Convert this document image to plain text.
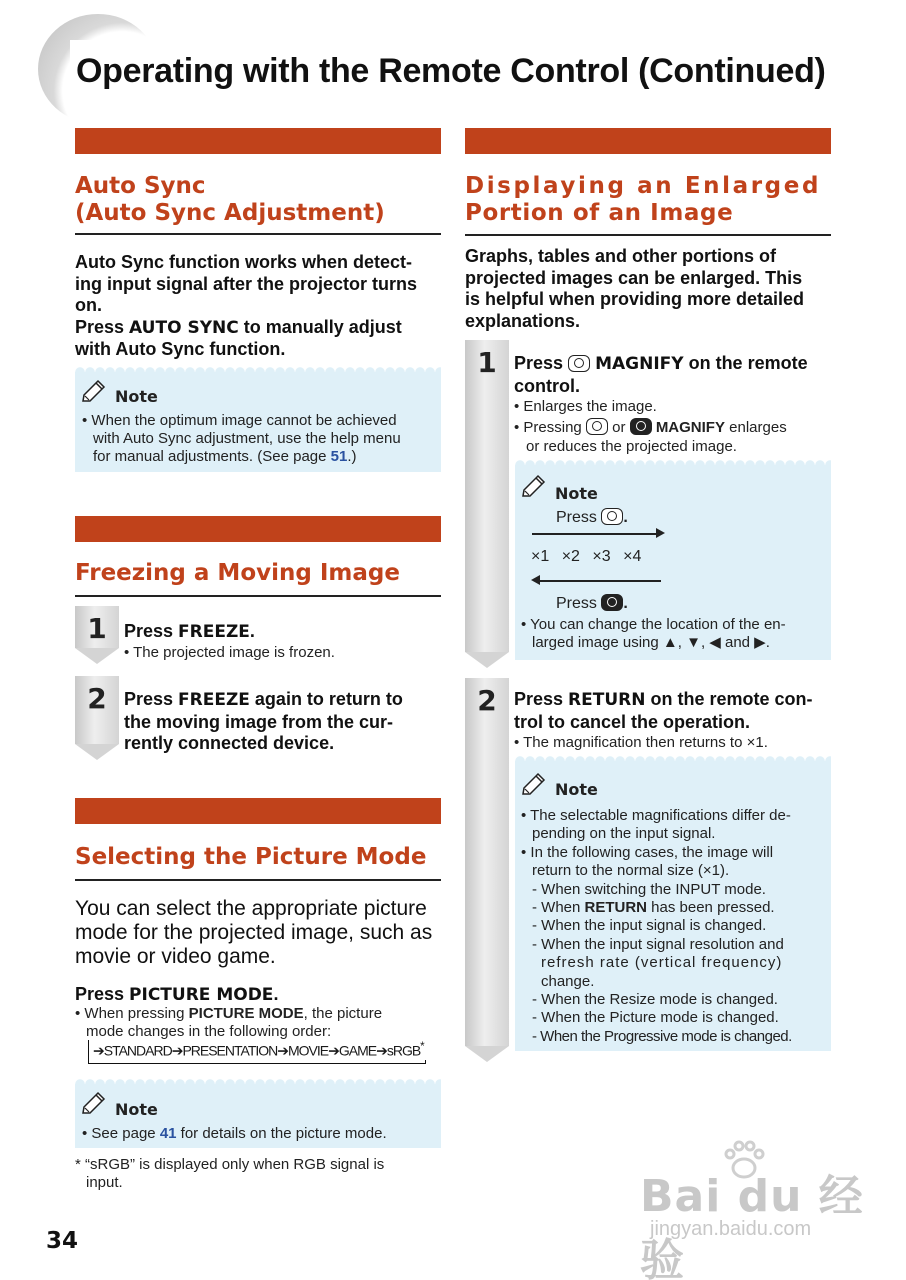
Operating with the Remote Control (Continued)
Auto Sync
(Auto Sync Adjustment)
Auto Sync function works when detect-
ing input signal after the projector turns
on.
Press AUTO SYNC to manually adjust
with Auto Sync function.
Note
• When the optimum image cannot be achieved
with Auto Sync adjustment, use the help menu
for manual adjustments. (See page 51.)
Freezing a Moving Image
1 Press FREEZE.
• The projected image is frozen.
2 Press FREEZE again to return to
the moving image from the cur-
rently connected device.
Selecting the Picture Mode
You can select the appropriate picture
mode for the projected image, such as
movie or video game.
Press PICTURE MODE.
• When pressing PICTURE MODE, the picture
mode changes in the following order:
➔STANDARD➔PRESENTATION➔MOVIE➔GAME➔sRGB*
Note
• See page 41 for details on the picture mode.
* “sRGB” is displayed only when RGB signal is
input.
Displaying an Enlarged
Portion of an Image
Graphs, tables and other portions of
projected images can be enlarged. This
is helpful when providing more detailed
explanations.
1 Press  MAGNIFY on the remote
control.
• Enlarges the image.
• Pressing  or  MAGNIFY enlarges
or reduces the projected image.
Note
Press .
×1 ×2 ×3 ×4
Press .
• You can change the location of the en-
larged image using ▲, ▼, ◀ and ▶.
2 Press RETURN on the remote con-
trol to cancel the operation.
• The magnification then returns to ×1.
Note
• The selectable magnifications differ de-
pending on the input signal.
• In the following cases, the image will
return to the normal size (×1).
- When switching the INPUT mode.
- When RETURN has been pressed.
- When the input signal is changed.
- When the input signal resolution and
refresh rate (vertical frequency)
change.
- When the Resize mode is changed.
- When the Picture mode is changed.
- When the Progressive mode is changed.
34
Bai du 经验
jingyan.baidu.com
